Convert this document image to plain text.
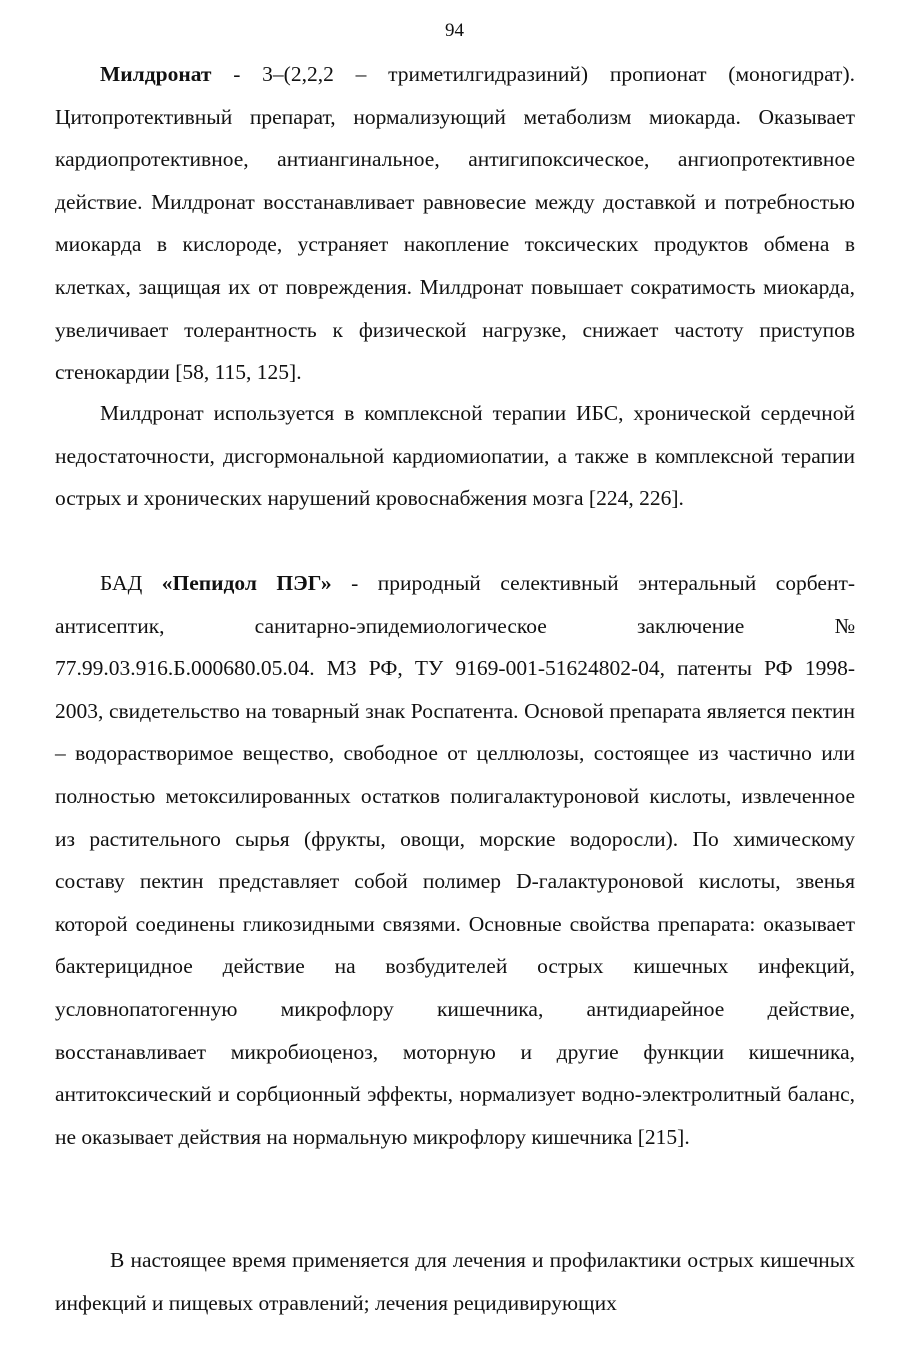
94

Милдронат - 3–(2,2,2 – триметилгидразиний) пропионат (моногидрат). Цитопротективный препарат, нормализующий метаболизм миокарда. Оказывает кардиопротективное, антиангинальное, антигипоксическое, ангиопротективное действие. Милдронат восстанавливает равновесие между доставкой и потребностью миокарда в кислороде, устраняет накопление токсических продуктов обмена в клетках, защищая их от повреждения. Милдронат повышает сократимость миокарда, увеличивает толерантность к физической нагрузке, снижает частоту приступов стенокардии [58, 115, 125].

Милдронат используется в комплексной терапии ИБС, хронической сердечной недостаточности, дисгормональной кардиомиопатии, а также в комплексной терапии острых и хронических нарушений кровоснабжения мозга [224, 226].

БАД «Пепидол ПЭГ» - природный селективный энтеральный сорбент-антисептик, санитарно-эпидемиологическое заключение № 77.99.03.916.Б.000680.05.04. МЗ РФ, ТУ 9169-001-51624802-04, патенты РФ 1998-2003, свидетельство на товарный знак Роспатента. Основой препарата является пектин – водорастворимое вещество, свободное от целлюлозы, состоящее из частично или полностью метоксилированных остатков полигалактуроновой кислоты, извлеченное из растительного сырья (фрукты, овощи, морские водоросли). По химическому составу пектин представляет собой полимер D-галактуроновой кислоты, звенья которой соединены гликозидными связями. Основные свойства препарата: оказывает бактерицидное действие на возбудителей острых кишечных инфекций, условнопатогенную микрофлору кишечника, антидиарейное действие, восстанавливает микробиоценоз, моторную и другие функции кишечника, антитоксический и сорбционный эффекты, нормализует водно-электролитный баланс, не оказывает действия на нормальную микрофлору кишечника [215].

В настоящее время применяется для лечения и профилактики острых кишечных инфекций и пищевых отравлений; лечения рецидивирующих
